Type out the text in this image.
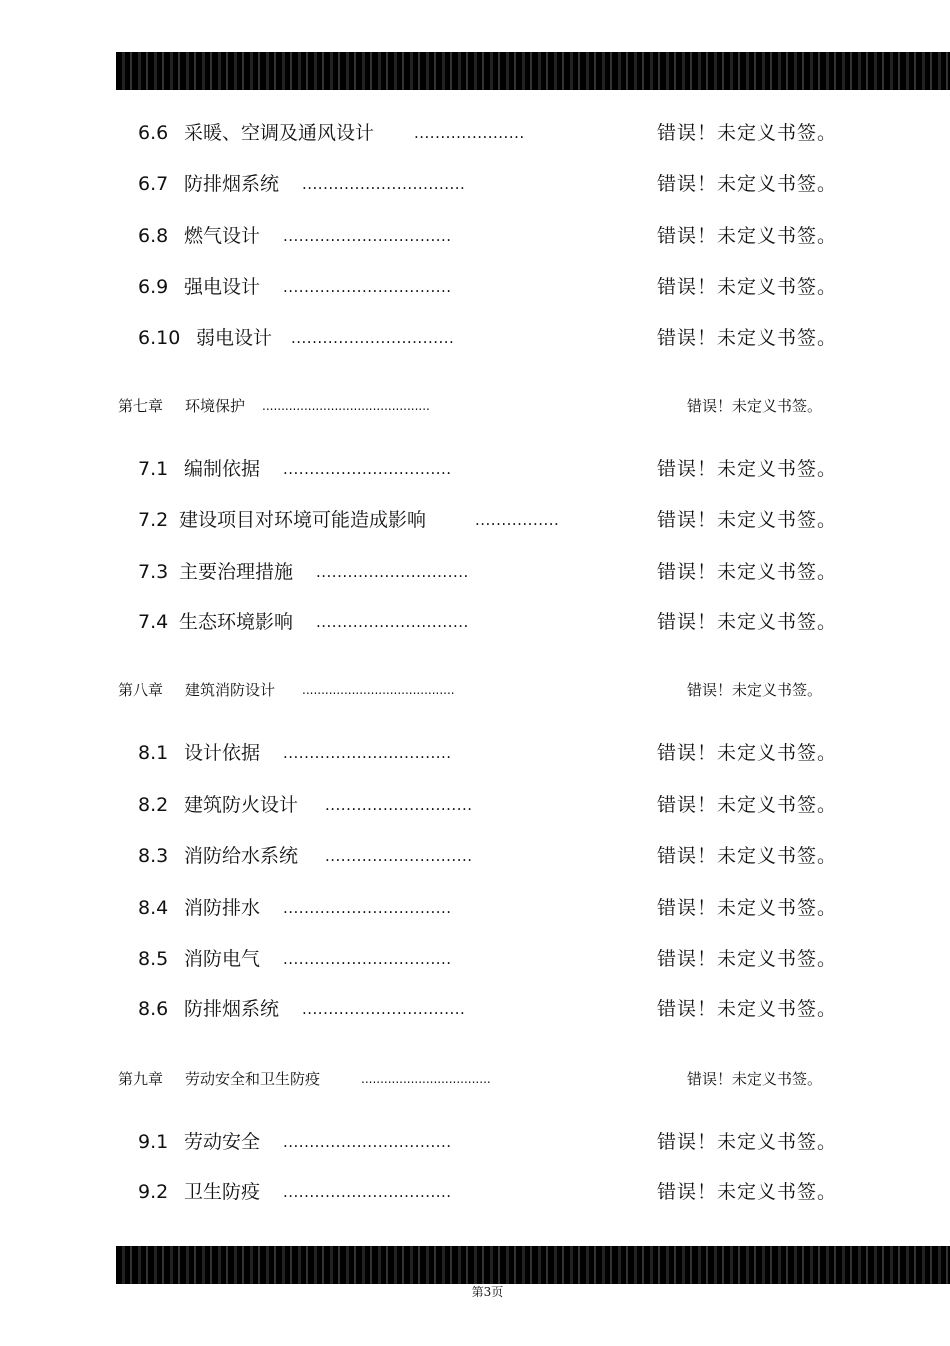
6.6 采暖、空调及通风设计	.....................	错误！未定义书签。
6.7 防排烟系统 ...............................	错误！未定义书签。
6.8 燃气设计 ................................	错误！未定义书签。
6.9 强电设计 ................................	错误！未定义书签。
6.10 弱电设计 ...............................	错误！未定义书签。
第七章 环境保护 ............................................	错误！未定义书签。
7.1 编制依据 ................................	错误！未定义书签。
7.2 建设项目对环境可能造成影响	................	错误！未定义书签。
7.3 主要治理措施 .............................	错误！未定义书签。
7.4 生态环境影响 .............................	错误！未定义书签。
第八章 建筑消防设计 ........................................	错误！未定义书签。
8.1 设计依据 ................................	错误！未定义书签。
8.2 建筑防火设计 ............................	错误！未定义书签。
8.3 消防给水系统 ............................	错误！未定义书签。
8.4 消防排水 ................................	错误！未定义书签。
8.5 消防电气 ................................	错误！未定义书签。
8.6 防排烟系统 ...............................	错误！未定义书签。
第九章 劳动安全和卫生防疫	..................................	错误！未定义书签。
9.1 劳动安全 ................................	错误！未定义书签。
9.2 卫生防疫 ................................	错误！未定义书签。
第3页
